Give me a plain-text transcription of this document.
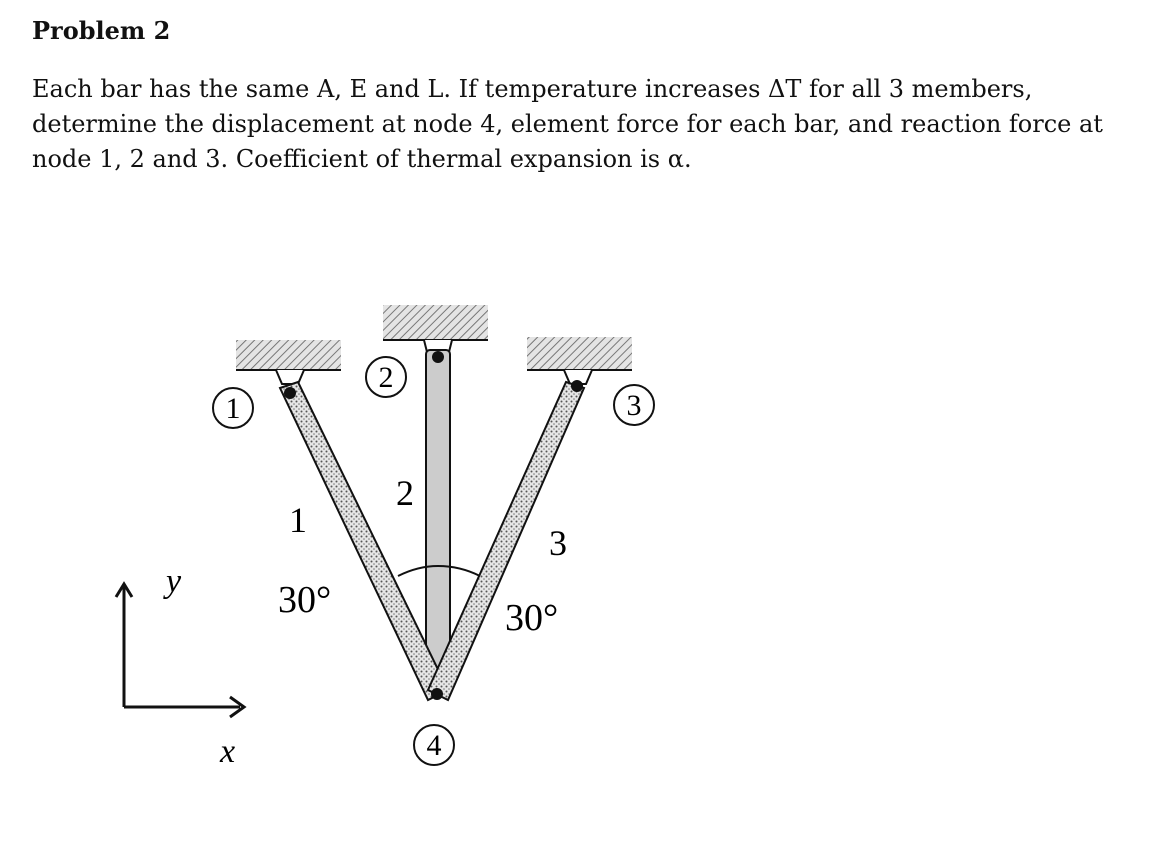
Problem 2

Each bar has the same A, E and L. If temperature increases ΔT for all 3 members, determine the displacement at node 4, element force for each bar, and reaction force at node 1, 2 and 3. Coefficient of thermal expansion is α.

1
2
3
4
1
2
3
30°	30°
y
x
